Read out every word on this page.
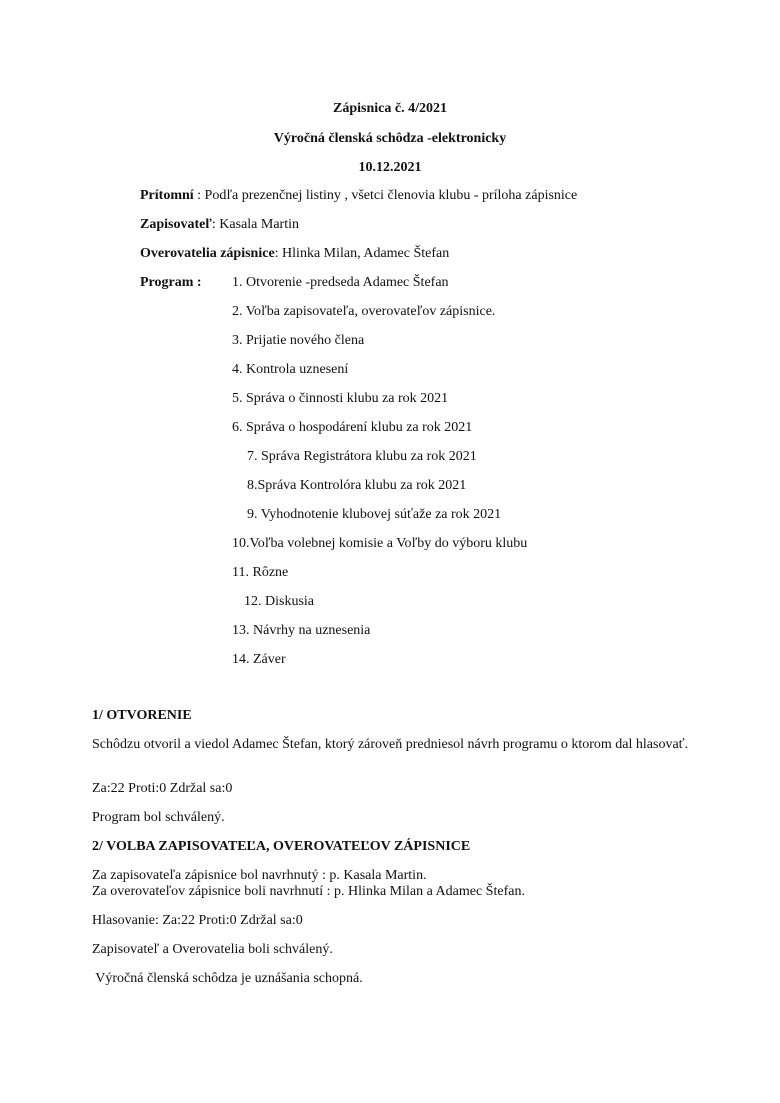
Zápisnica č. 4/2021
Výročná členská schôdza -elektronicky
10.12.2021
Prítomní : Podľa prezenčnej listiny , všetci členovia klubu - príloha zápisnice
Zapisovateľ: Kasala Martin
Overovatelia zápisnice: Hlinka Milan, Adamec Štefan
Program : 1. Otvorenie -predseda Adamec Štefan
2. Voľba zapisovateľa, overovateľov zápisnice.
3. Prijatie nového člena
4. Kontrola uznesení
5. Správa o činnosti klubu za rok 2021
6. Správa o hospodárení klubu za rok 2021
7. Správa Registrátora klubu za rok 2021
8.Správa Kontrolóra klubu za rok 2021
9. Vyhodnotenie klubovej súťaže za rok 2021
10.Voľba volebnej komisie a Voľby do výboru klubu
11. Rôzne
12. Diskusia
13. Návrhy na uznesenia
14. Záver
1/ OTVORENIE
Schôdzu otvoril a viedol Adamec Štefan, ktorý zároveň predniesol návrh programu o ktorom dal hlasovať.
Za:22 Proti:0 Zdržal sa:0
Program bol schválený.
2/ VOLBA ZAPISOVATEĽA, OVEROVATEĽOV ZÁPISNICE
Za zapisovateľa zápisnice bol navrhnutý : p. Kasala Martin.
Za overovateľov zápisnice boli navrhnutí : p. Hlinka Milan a Adamec Štefan.
Hlasovanie: Za:22 Proti:0 Zdržal sa:0
Zapisovateľ a Overovatelia boli schválený.
Výročná členská schôdza je uznášania schopná.
